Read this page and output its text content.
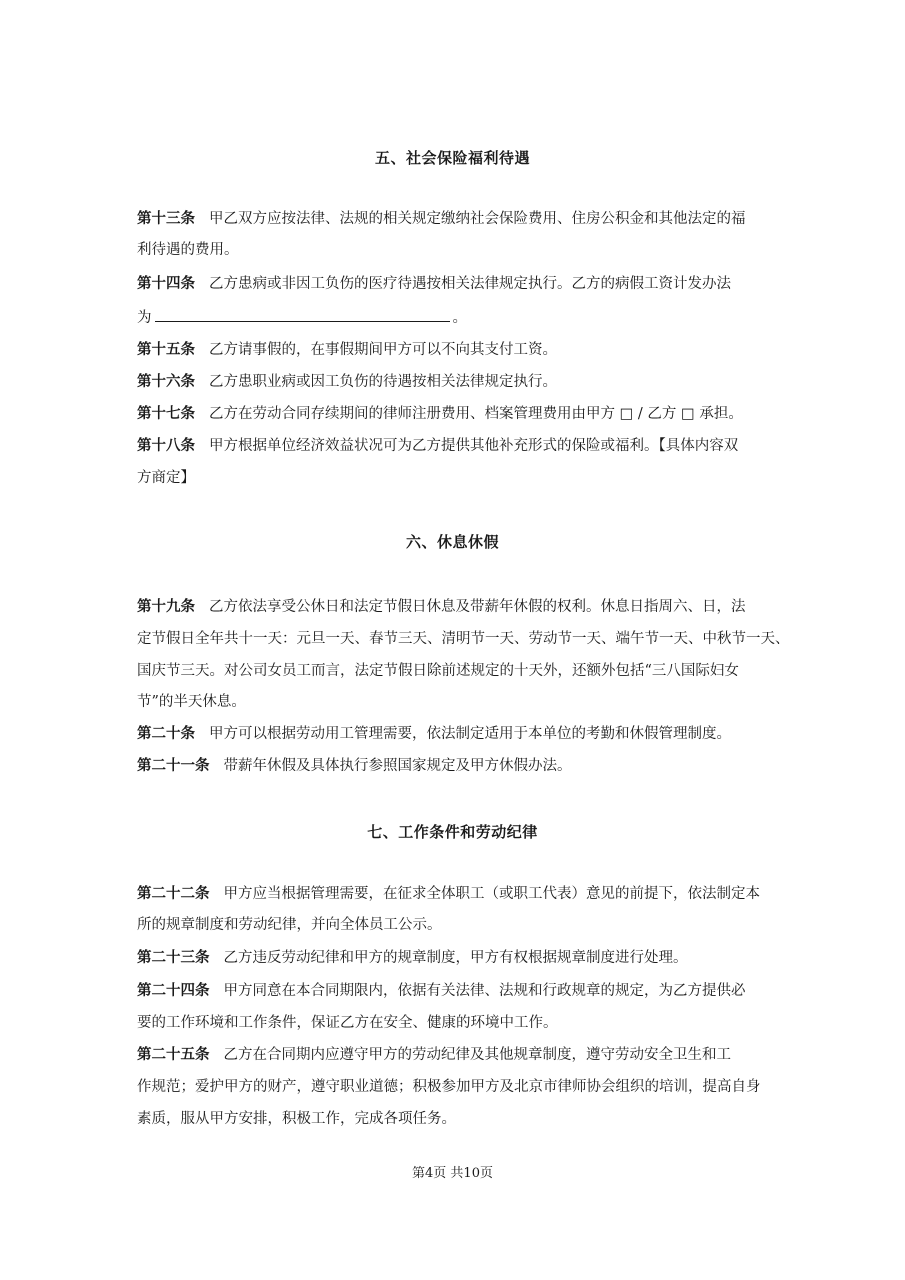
五、社会保险福利待遇
第十三条 甲乙双方应按法律、法规的相关规定缴纳社会保险费用、住房公积金和其他法定的福
利待遇的费用。
第十四条 乙方患病或非因工负伤的医疗待遇按相关法律规定执行。乙方的病假工资计发办法
为	。
第十五条 乙方请事假的，在事假期间甲方可以不向其支付工资。
第十六条 乙方患职业病或因工负伤的待遇按相关法律规定执行。
第十七条 乙方在劳动合同存续期间的律师注册费用、档案管理费用由甲方 □ / 乙方 □ 承担。
第十八条 甲方根据单位经济效益状况可为乙方提供其他补充形式的保险或福利。【具体内容双
方商定】
六、休息休假
第十九条 乙方依法享受公休日和法定节假日休息及带薪年休假的权利。休息日指周六、日，法
定节假日全年共十一天：元旦一天、春节三天、清明节一天、劳动节一天、端午节一天、中秋节一天、
国庆节三天。对公司女员工而言，法定节假日除前述规定的十天外，还额外包括“三八国际妇女
节”的半天休息。
第二十条 甲方可以根据劳动用工管理需要，依法制定适用于本单位的考勤和休假管理制度。
第二十一条 带薪年休假及具体执行参照国家规定及甲方休假办法。
七、工作条件和劳动纪律
第二十二条 甲方应当根据管理需要，在征求全体职工（或职工代表）意见的前提下，依法制定本
所的规章制度和劳动纪律，并向全体员工公示。
第二十三条 乙方违反劳动纪律和甲方的规章制度，甲方有权根据规章制度进行处理。
第二十四条 甲方同意在本合同期限内，依据有关法律、法规和行政规章的规定，为乙方提供必
要的工作环境和工作条件，保证乙方在安全、健康的环境中工作。
第二十五条 乙方在合同期内应遵守甲方的劳动纪律及其他规章制度，遵守劳动安全卫生和工
作规范；爱护甲方的财产，遵守职业道德；积极参加甲方及北京市律师协会组织的培训，提高自身
素质，服从甲方安排，积极工作，完成各项任务。
第4页 共10页
